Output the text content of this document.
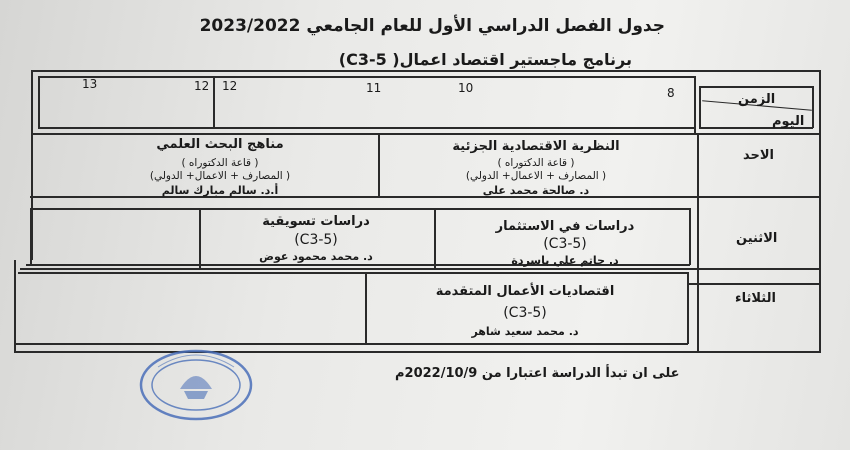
جدول الفصل الدراسي الأول للعام الجامعي 2023/2022
برنامج ماجستير اقتصاد اعمال( C3-5)
الزمن
اليوم
8
10
11
12
12
13
الاحد
الاثنين
الثلاثاء
النظرية الاقتصادية الجزئية
( قاعة الدكتوراه )
( المصارف + الاعمال+ الدولي)
د. صالحة محمد علي
مناهج البحث العلمي
( قاعة الدكتوراه )
( المصارف + الاعمال+ الدولي)
أ.د. سالم مبارك سالم
دراسات في الاستثمار
(C3-5)
د. حاتم علي باسردة
دراسات تسويقية
(C3-5)
د. محمد محمود عوض
اقتصاديات الأعمال المتقدمة
(C3-5)
د. محمد سعيد شاهر
على ان تبدأ الدراسة اعتبارا من 2022/10/9م
